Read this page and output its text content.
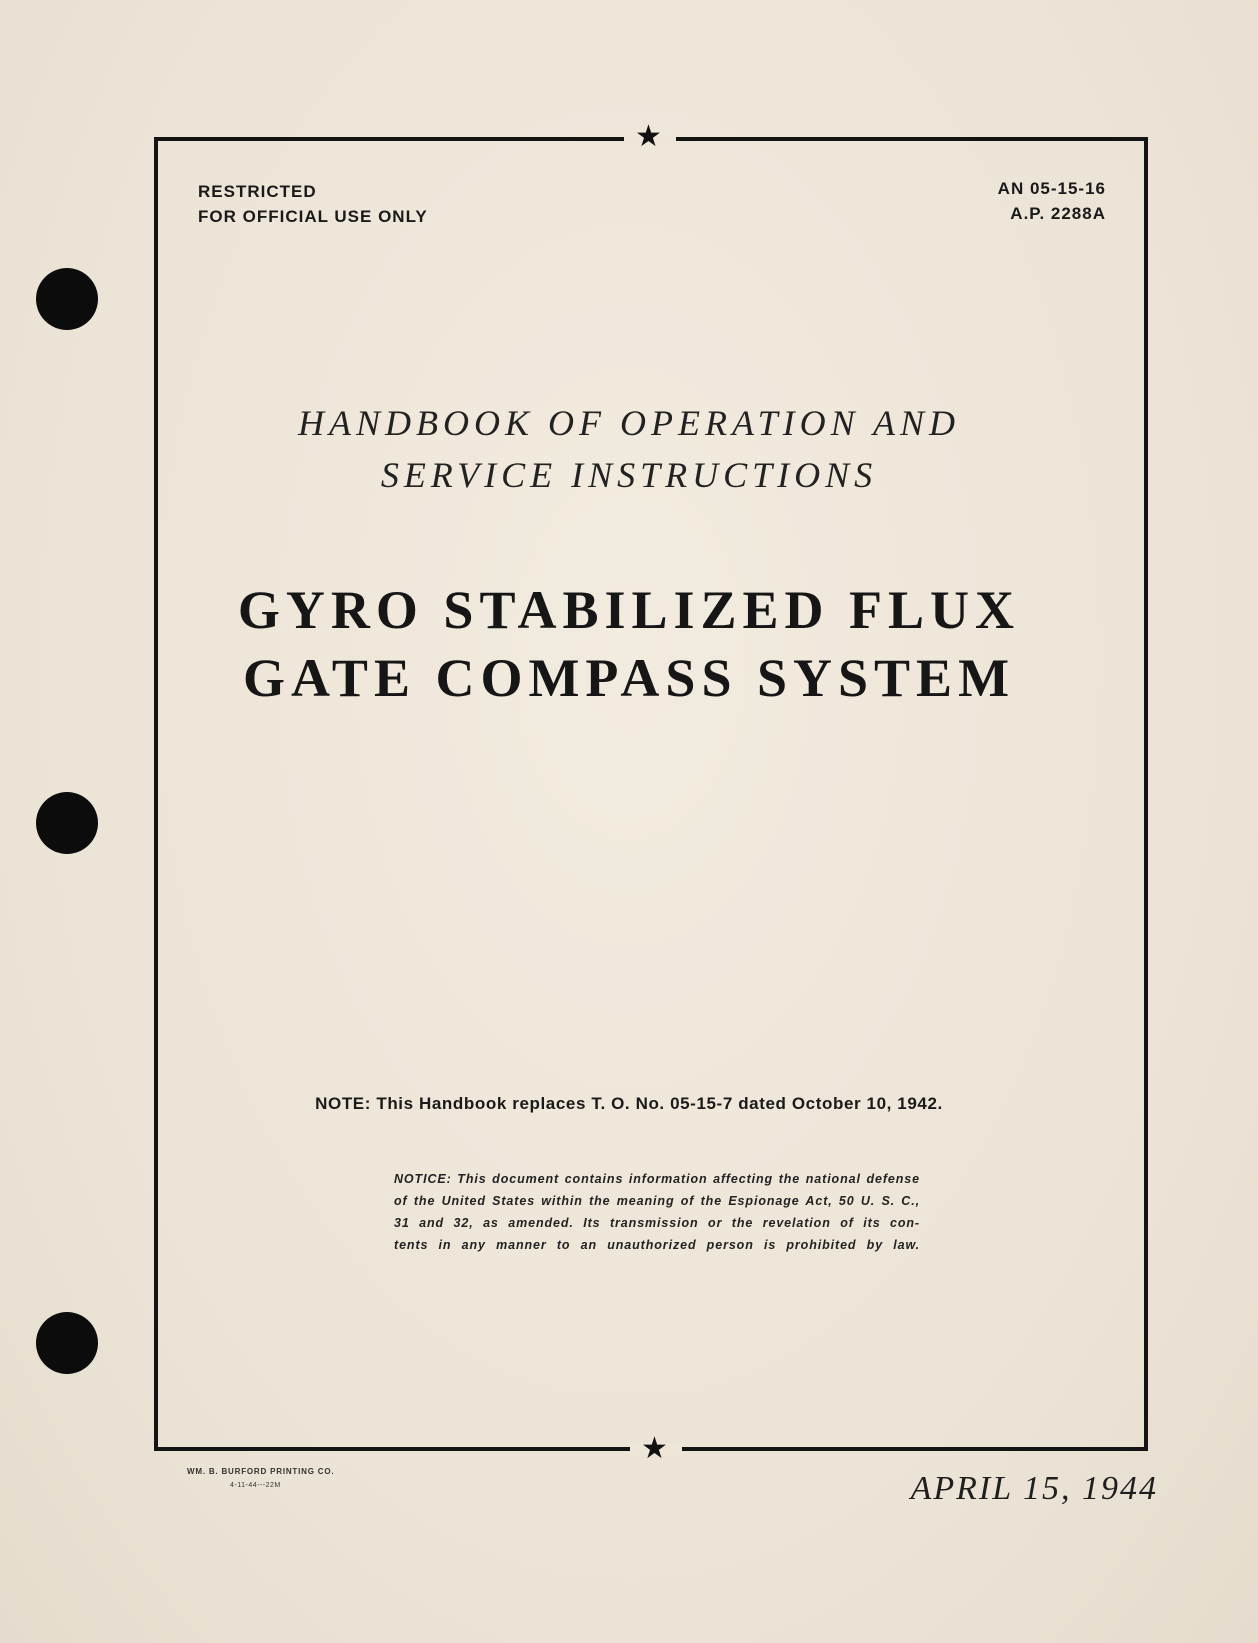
★
★
RESTRICTED
FOR OFFICIAL USE ONLY
AN 05-15-16
A.P. 2288A
HANDBOOK OF OPERATION AND
SERVICE INSTRUCTIONS
GYRO STABILIZED FLUX
GATE COMPASS SYSTEM
NOTE: This Handbook replaces T. O. No. 05-15-7 dated October 10, 1942.
NOTICE: This document contains information affecting the national defense
of the United States within the meaning of the Espionage Act, 50 U. S. C.,
31 and 32, as amended. Its transmission or the revelation of its con-
tents in any manner to an unauthorized person is prohibited by law.
WM. B. BURFORD PRINTING CO.
4-11-44---22M	APRIL 15, 1944
